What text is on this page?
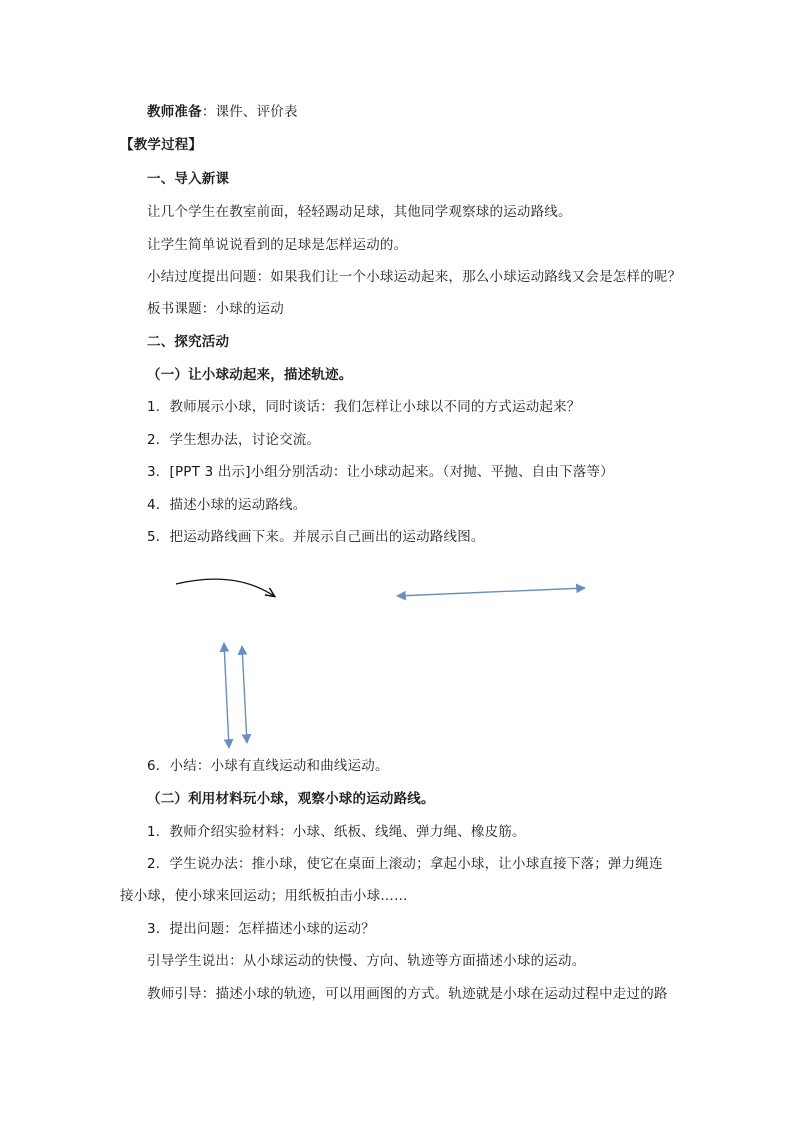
教师准备：课件、评价表
【教学过程】
一、导入新课
让几个学生在教室前面，轻轻踢动足球，其他同学观察球的运动路线。
让学生简单说说看到的足球是怎样运动的。
小结过度提出问题：如果我们让一个小球运动起来，那么小球运动路线又会是怎样的呢？
板书课题：小球的运动
二、探究活动
（一）让小球动起来，描述轨迹。
1．教师展示小球，同时谈话：我们怎样让小球以不同的方式运动起来？
2．学生想办法，讨论交流。
3．[PPT 3 出示]小组分别活动：让小球动起来。（对抛、平抛、自由下落等）
4．描述小球的运动路线。
5．把运动路线画下来。并展示自己画出的运动路线图。
6．小结：小球有直线运动和曲线运动。
（二）利用材料玩小球，观察小球的运动路线。
1．教师介绍实验材料：小球、纸板、线绳、弹力绳、橡皮筋。
2．学生说办法：推小球，使它在桌面上滚动；拿起小球，让小球直接下落；弹力绳连
接小球，使小球来回运动；用纸板拍击小球……
3．提出问题：怎样描述小球的运动？
引导学生说出：从小球运动的快慢、方向、轨迹等方面描述小球的运动。
教师引导：描述小球的轨迹，可以用画图的方式。轨迹就是小球在运动过程中走过的路
